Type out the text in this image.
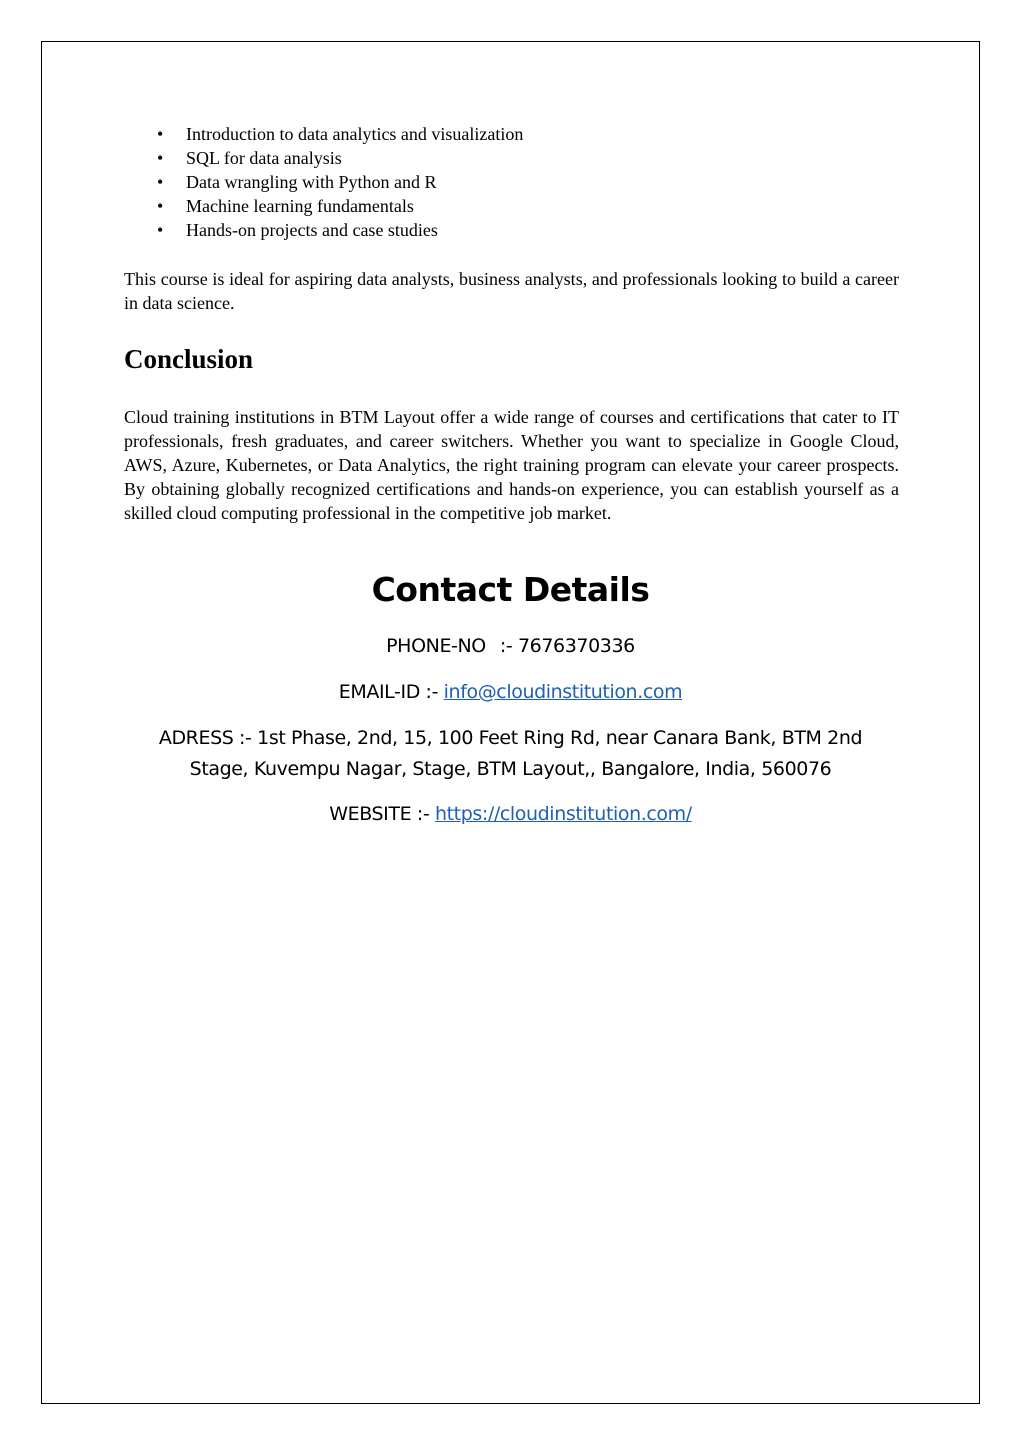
• Introduction to data analytics and visualization
• SQL for data analysis
• Data wrangling with Python and R
• Machine learning fundamentals
• Hands-on projects and case studies

This course is ideal for aspiring data analysts, business analysts, and professionals looking to build a career in data science.

Conclusion

Cloud training institutions in BTM Layout offer a wide range of courses and certifications that cater to IT professionals, fresh graduates, and career switchers. Whether you want to specialize in Google Cloud, AWS, Azure, Kubernetes, or Data Analytics, the right training program can elevate your career prospects. By obtaining globally recognized certifications and hands-on experience, you can establish yourself as a skilled cloud computing professional in the competitive job market.

Contact Details

PHONE-NO :- 7676370336

EMAIL-ID :- info@cloudinstitution.com

ADRESS :- 1st Phase, 2nd, 15, 100 Feet Ring Rd, near Canara Bank, BTM 2nd

Stage, Kuvempu Nagar, Stage, BTM Layout,, Bangalore, India, 560076

WEBSITE :- https://cloudinstitution.com/
